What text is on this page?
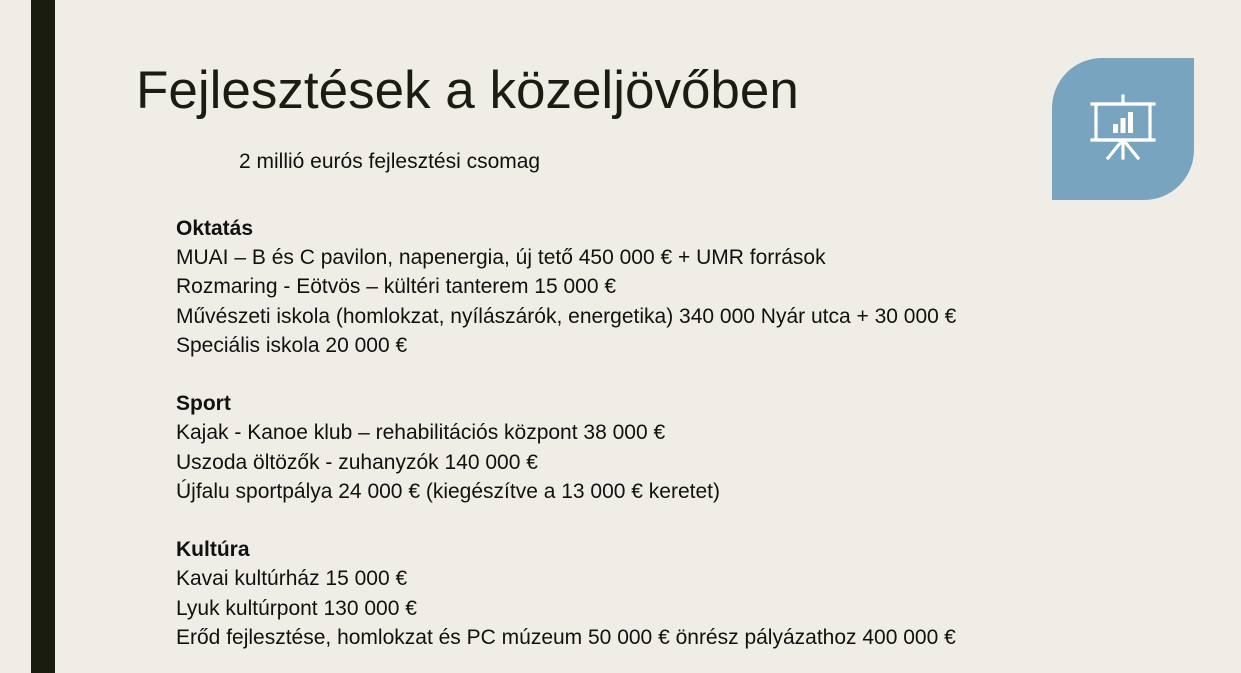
Fejlesztések a közeljövőben
2 millió eurós fejlesztési csomag
Oktatás
MUAI – B és C pavilon, napenergia, új tető 450 000 € + UMR források
Rozmaring - Eötvös – kültéri tanterem 15 000 €
Művészeti iskola (homlokzat, nyílászárók, energetika) 340 000 Nyár utca + 30 000 €
Speciális iskola 20 000 €
Sport
Kajak - Kanoe klub – rehabilitációs központ 38 000 €
Uszoda öltözők - zuhanyzók 140 000 €
Újfalu sportpálya 24 000 € (kiegészítve a 13 000 € keretet)
Kultúra
Kavai kultúrház 15 000 €
Lyuk kultúrpont 130 000 €
Erőd fejlesztése, homlokzat és PC múzeum 50 000 € önrész pályázathoz 400 000 €
